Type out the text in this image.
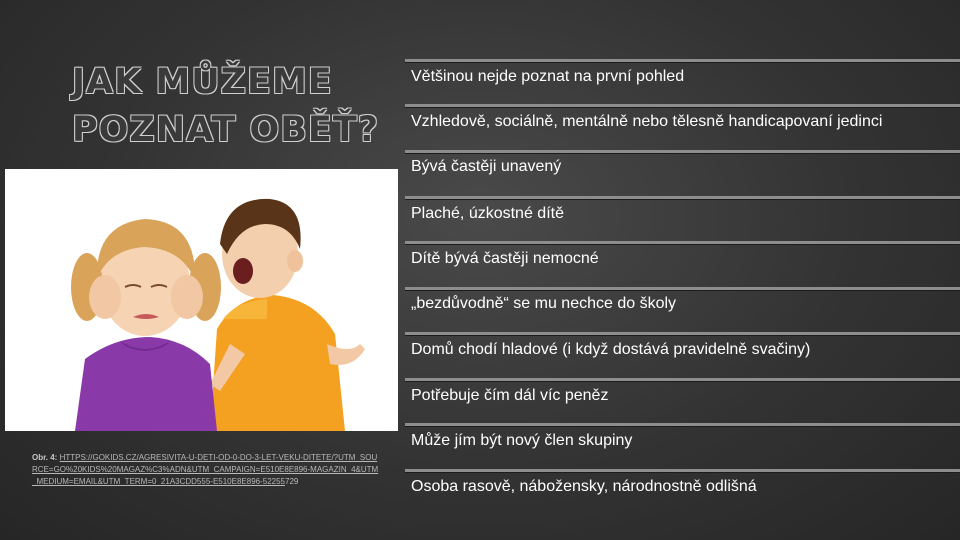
JAK MŮŽEME POZNAT OBĚŤ?
Obr. 4: HTTPS://GOKIDS.CZ/AGRESIVITA-U-DETI-OD-0-DO-3-LET-VEKU-DITETE/?UTM_SOURCE=GO%20KIDS%20MAGAZ%C3%ADN&UTM_CAMPAIGN=E510E8E896-MAGAZIN_4&UTM_MEDIUM=EMAIL&UTM_TERM=0_21A3CDD555-E510E8E896-52255729
Většinou nejde poznat na první pohled
Vzhledově, sociálně, mentálně nebo tělesně handicapovaní jedinci
Bývá častěji unavený
Plaché, úzkostné dítě
Dítě bývá častěji nemocné
„bezdůvodně“ se mu nechce do školy
Domů chodí hladové (i když dostává pravidelně svačiny)
Potřebuje čím dál víc peněz
Může jím být nový člen skupiny
Osoba rasově, nábožensky, národnostně odlišná
